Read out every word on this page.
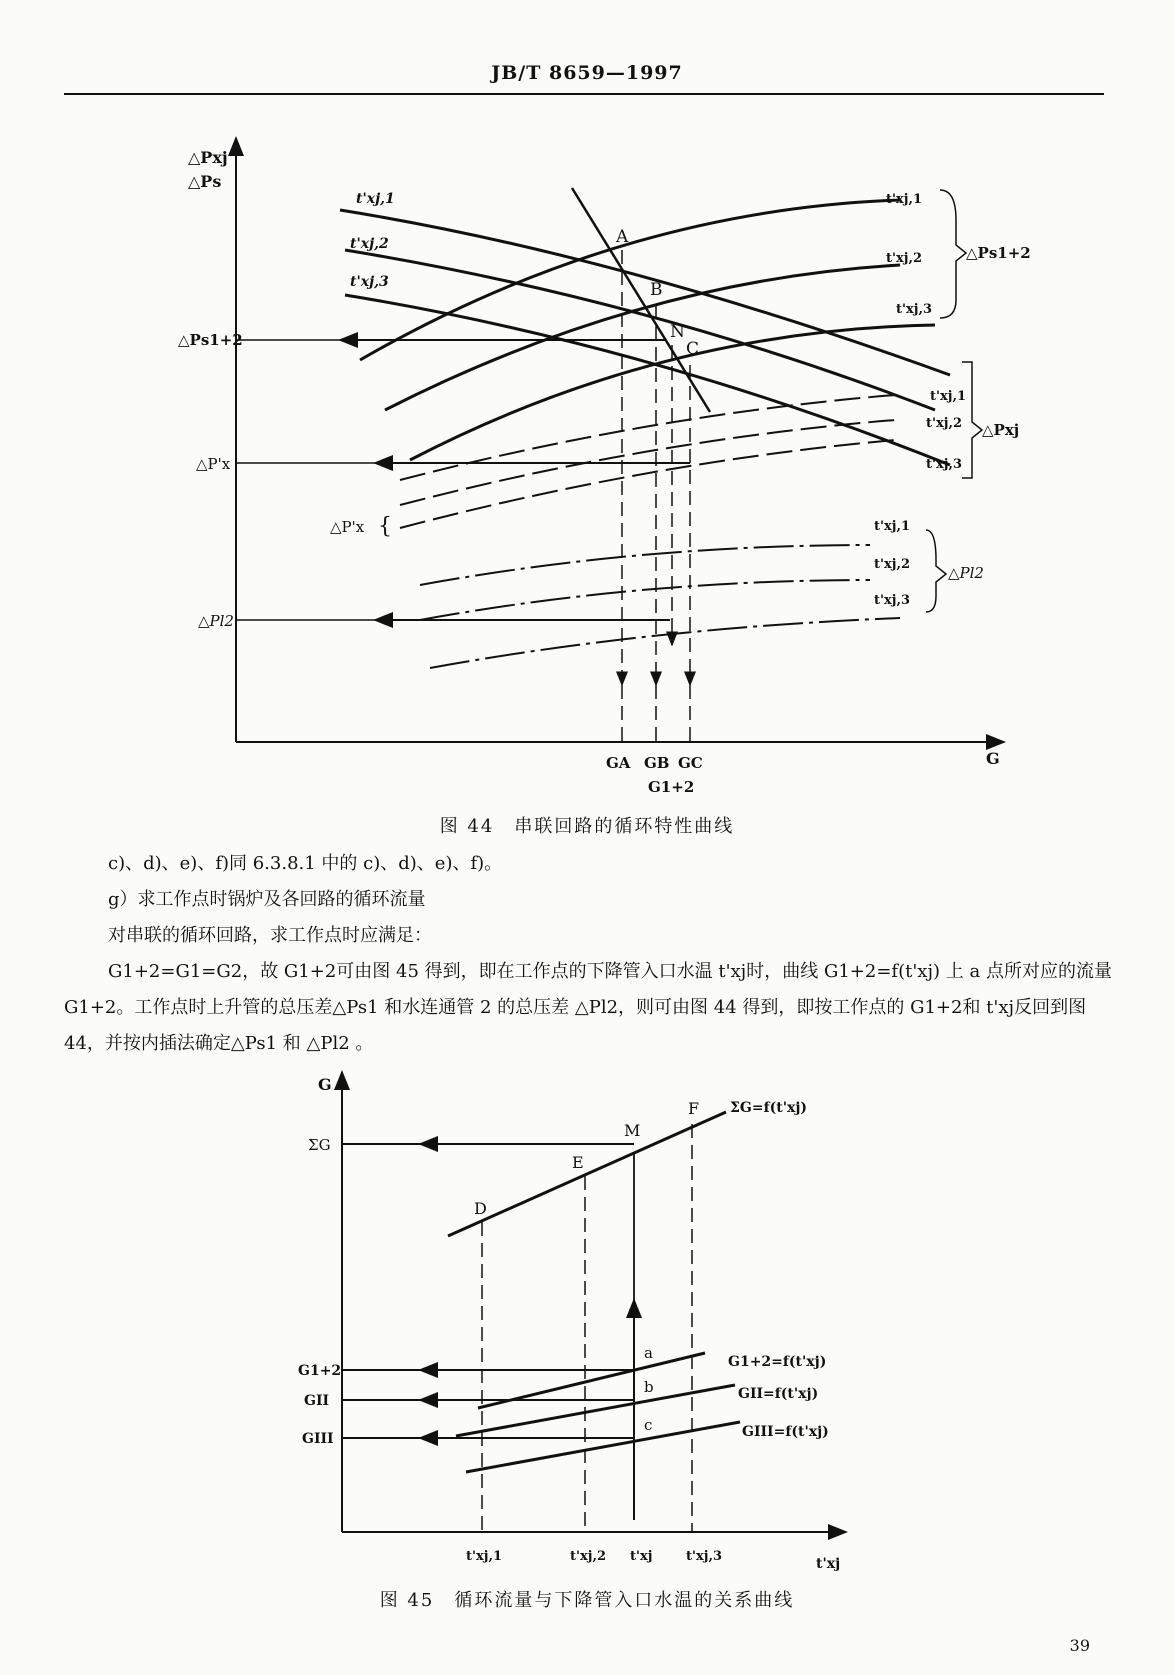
JB/T 8659—1997
△Pxj
△Ps
G
A
B
N
C
△Ps1+2
△P'x
△P'x {
△Pl2
t'xj,1
t'xj,2
t'xj,3
t'xj,1
t'xj,2
t'xj,3
△Ps1+2
t'xj,1
t'xj,2
t'xj,3
△Pxj
t'xj,1
t'xj,2
t'xj,3
△Pl2
GA GB GC
G1+2
图 44　串联回路的循环特性曲线
c)、d)、e)、f)同 6.3.8.1 中的 c)、d)、e)、f)。
g）求工作点时锅炉及各回路的循环流量
对串联的循环回路，求工作点时应满足：
G1+2=G1=G2，故 G1+2可由图 45 得到，即在工作点的下降管入口水温 t'xj时，曲线 G1+2=f(t'xj) 上 a 点所对应的流量 G1+2。工作点时上升管的总压差△Ps1 和水连通管 2 的总压差 △Pl2，则可由图 44 得到，即按工作点的 G1+2和 t'xj反回到图 44，并按内插法确定△Ps1 和 △Pl2 。
G
t'xj
ΣG
G1+2
GII
GIII
D
E
M
F
a
b
c
ΣG=f(t'xj)
G1+2=f(t'xj)
GII=f(t'xj)
GIII=f(t'xj)
t'xj,1	t'xj,2 t'xj	t'xj,3
图 45　循环流量与下降管入口水温的关系曲线
39
